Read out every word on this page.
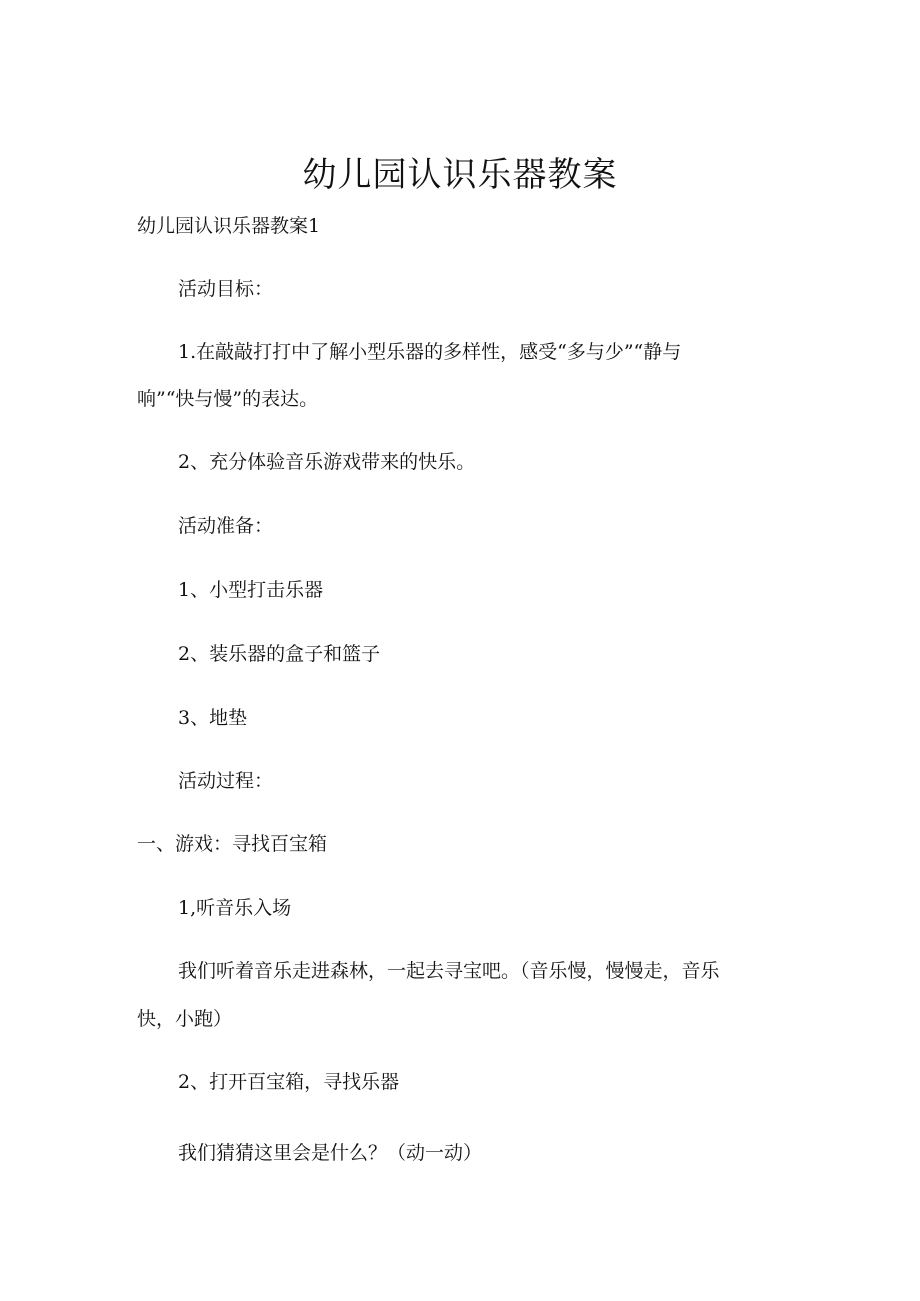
幼儿园认识乐器教案

幼儿园认识乐器教案1

活动目标：

1.在敲敲打打中了解小型乐器的多样性，感受“多与少”“静与

响”“快与慢”的表达。

2、充分体验音乐游戏带来的快乐。

活动准备：

1、小型打击乐器

2、装乐器的盒子和篮子

3、地垫

活动过程：

一、游戏：寻找百宝箱

1,听音乐入场

我们听着音乐走进森林，一起去寻宝吧。（音乐慢，慢慢走，音乐

快，小跑）

2、打开百宝箱，寻找乐器

我们猜猜这里会是什么？（动一动）
